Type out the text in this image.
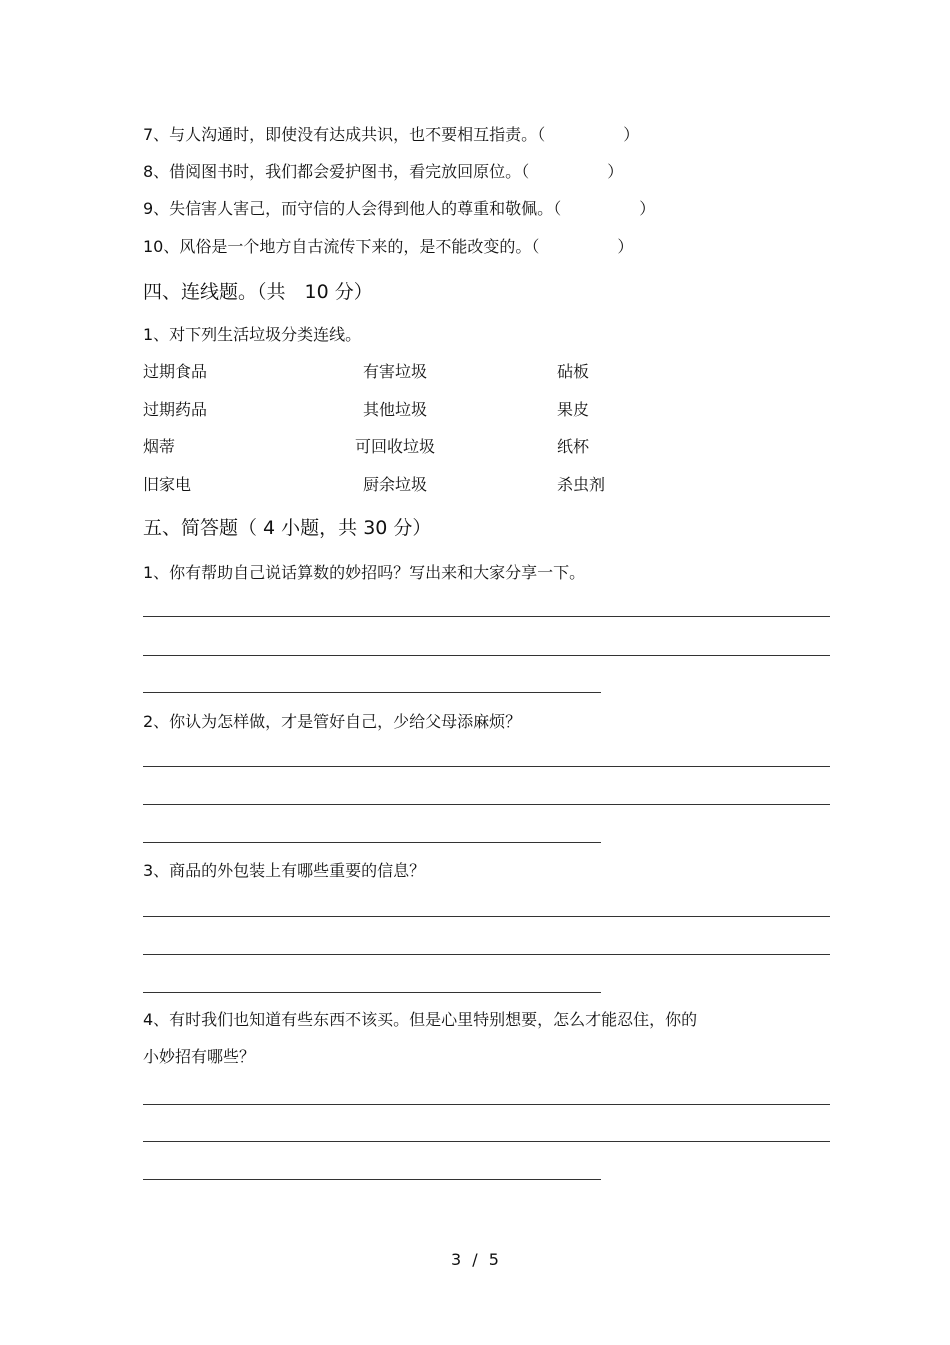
7、与人沟通时，即使没有达成共识，也不要相互指责。（	）
8、借阅图书时，我们都会爱护图书，看完放回原位。（	）
9、失信害人害己，而守信的人会得到他人的尊重和敬佩。（	）
10、风俗是一个地方自古流传下来的，是不能改变的。（	）
四、连线题。（共　10 分）
1、对下列生活垃圾分类连线。
过期食品	有害垃圾	砧板
过期药品	其他垃圾	果皮
烟蒂	可回收垃圾	纸杯
旧家电	厨余垃圾	杀虫剂
五、简答题（ 4 小题，共 30 分）
1、你有帮助自己说话算数的妙招吗？写出来和大家分享一下。
2、你认为怎样做，才是管好自己，少给父母添麻烦？
3、商品的外包装上有哪些重要的信息？
4、有时我们也知道有些东西不该买。但是心里特别想要，怎么才能忍住，你的
小妙招有哪些？
3 / 5
